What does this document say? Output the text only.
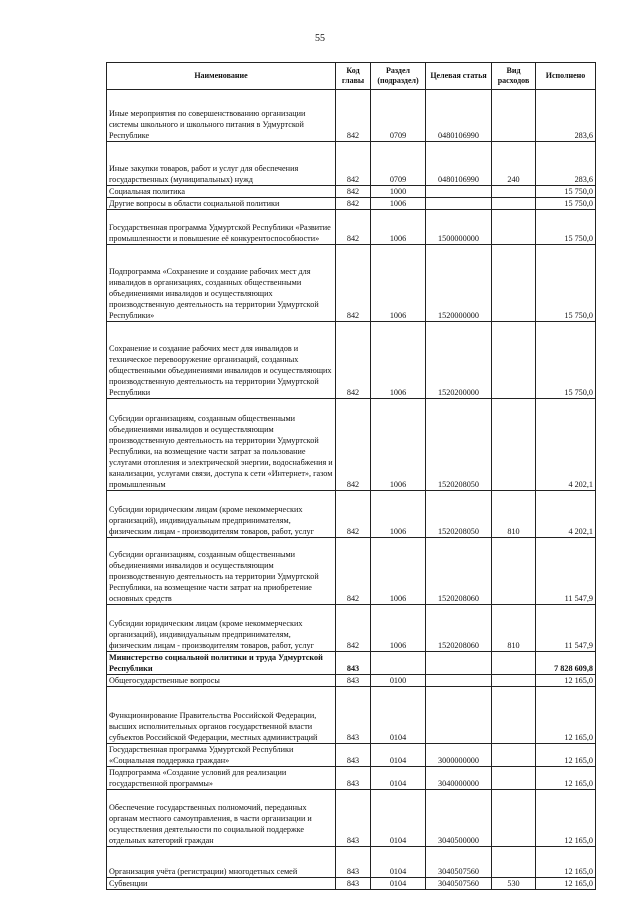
55
Наименование	Код главы	Раздел (подраздел)	Целевая статья	Вид расходов	Исполнено
Иные мероприятия по совершенствованию организации системы школьного и школьного питания в Удмуртской Республике	842	0709	0480106990		283,6
Иные закупки товаров, работ и услуг для обеспечения государственных (муниципальных) нужд	842	0709	0480106990	240	283,6
Социальная политика	842	1000			15 750,0
Другие вопросы в области социальной политики	842	1006			15 750,0
Государственная программа Удмуртской Республики «Развитие промышленности и повышение её конкурентоспособности»	842	1006	1500000000		15 750,0
Подпрограмма «Сохранение и создание рабочих мест для инвалидов в организациях, созданных общественными объединениями инвалидов и осуществляющих производственную деятельность на территории Удмуртской Республики»	842	1006	1520000000		15 750,0
Сохранение и создание рабочих мест для инвалидов и техническое перевооружение организаций, созданных общественными объединениями инвалидов и осуществляющих производственную деятельность на территории Удмуртской Республики	842	1006	1520200000		15 750,0
Субсидии организациям, созданным общественными объединениями инвалидов и осуществляющим производственную деятельность на территории Удмуртской Республики, на возмещение части затрат за пользование услугами отопления и электрической энергии, водоснабжения и канализации, услугами связи, доступа к сети «Интернет», газом промышленным	842	1006	1520208050		4 202,1
Субсидии юридическим лицам (кроме некоммерческих организаций), индивидуальным предпринимателям, физическим лицам - производителям товаров, работ, услуг	842	1006	1520208050	810	4 202,1
Субсидии организациям, созданным общественными объединениями инвалидов и осуществляющим производственную деятельность на территории Удмуртской Республики, на возмещение части затрат на приобретение основных средств	842	1006	1520208060		11 547,9
Субсидии юридическим лицам (кроме некоммерческих организаций), индивидуальным предпринимателям, физическим лицам - производителям товаров, работ, услуг	842	1006	1520208060	810	11 547,9
Министерство социальной политики и труда Удмуртской Республики	843				7 828 609,8
Общегосударственные вопросы	843	0100			12 165,0
Функционирование Правительства Российской Федерации, высших исполнительных органов государственной власти субъектов Российской Федерации, местных администраций	843	0104			12 165,0
Государственная программа Удмуртской Республики «Социальная поддержка граждан»	843	0104	3000000000		12 165,0
Подпрограмма «Создание условий для реализации государственной программы»	843	0104	3040000000		12 165,0
Обеспечение государственных полномочий, переданных органам местного самоуправления, в части организации и осуществления деятельности по социальной поддержке отдельных категорий граждан	843	0104	3040500000		12 165,0
Организация учёта (регистрации) многодетных семей	843	0104	3040507560		12 165,0
Субвенции	843	0104	3040507560	530	12 165,0
